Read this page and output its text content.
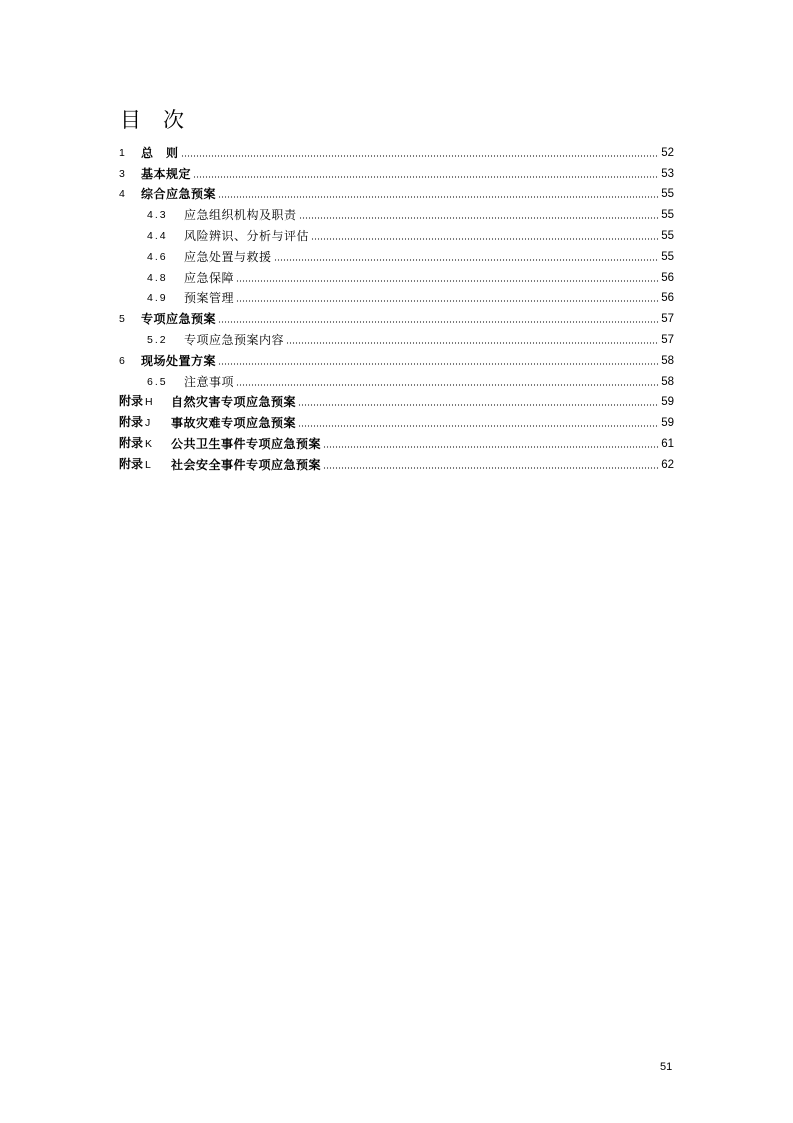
目 次
1	总　则	52
3	基本规定	53
4	综合应急预案	55
4.3	应急组织机构及职责	55
4.4	风险辨识、分析与评估	55
4.6	应急处置与救援	55
4.8	应急保障	56
4.9	预案管理	56
5	专项应急预案	57
5.2	专项应急预案内容	57
6	现场处置方案	58
6.5	注意事项	58
附录 H	自然灾害专项应急预案	59
附录 J	事故灾难专项应急预案	59
附录 K	公共卫生事件专项应急预案	61
附录 L	社会安全事件专项应急预案	62
51
